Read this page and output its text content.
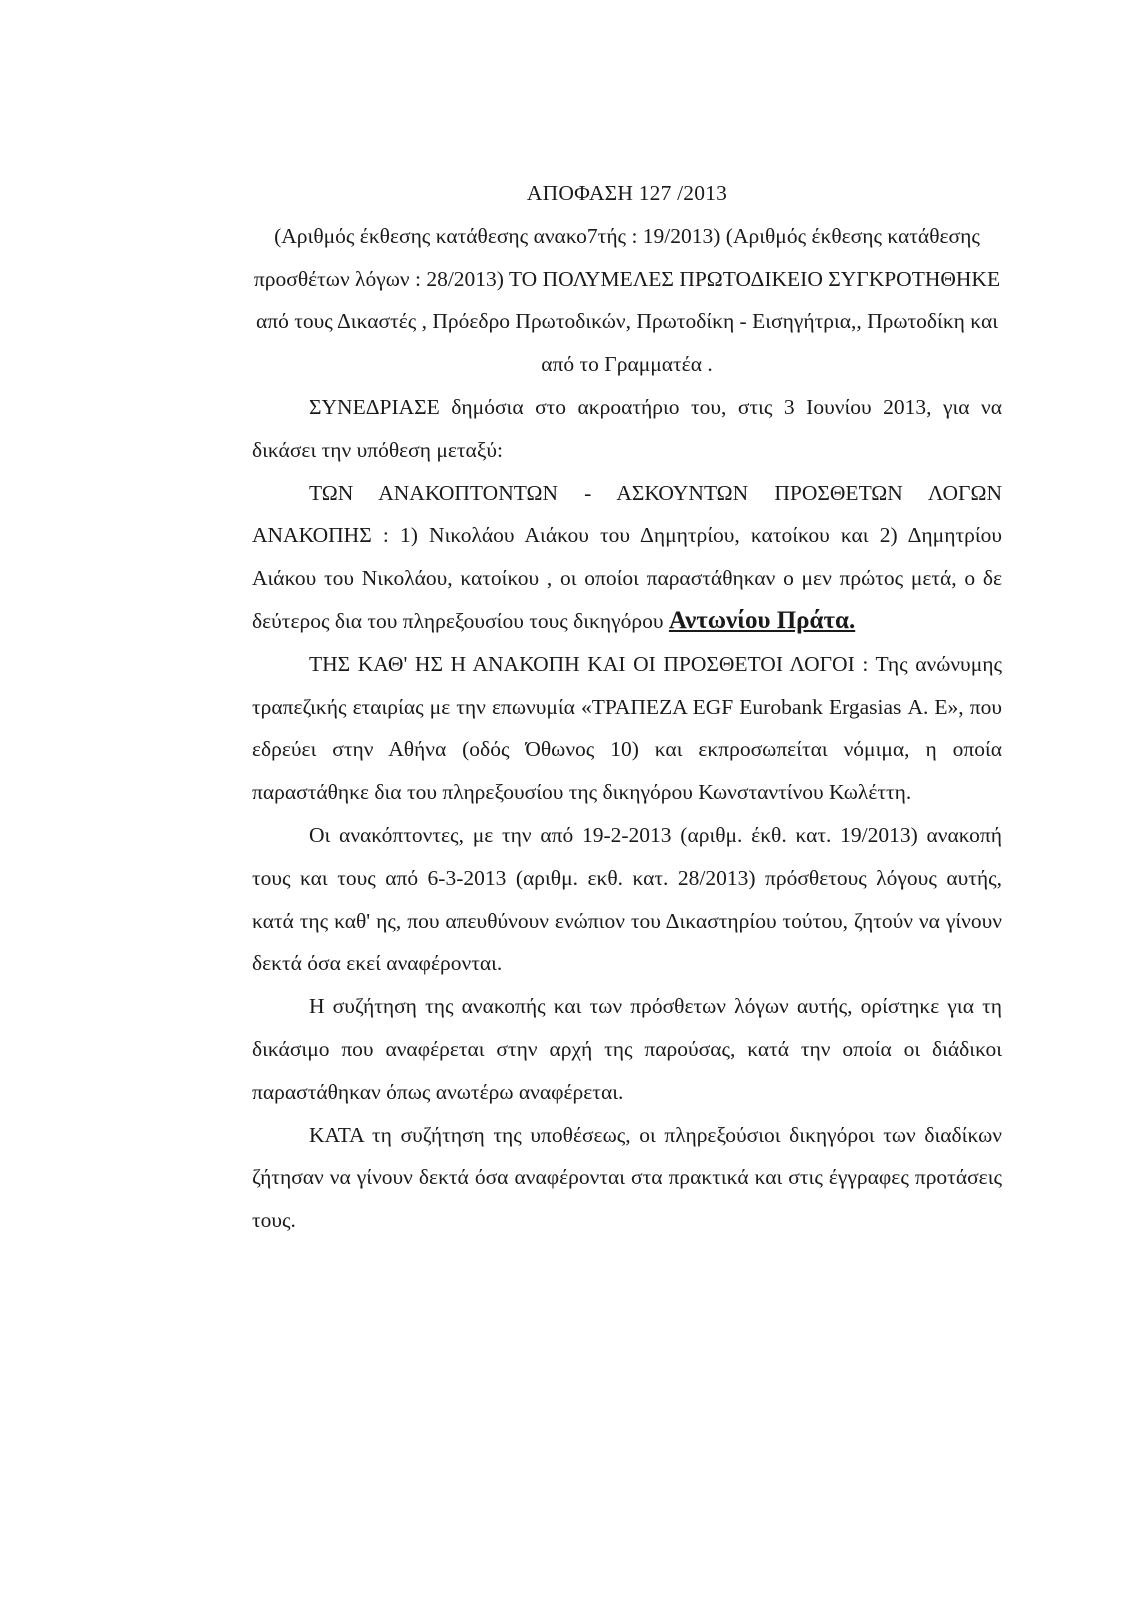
ΑΠΟΦΑΣΗ 127 /2013

(Αριθμός έκθεσης κατάθεσης ανακο7τής : 19/2013) (Αριθμός έκθεσης κατάθεσης προσθέτων λόγων : 28/2013) ΤΟ ΠΟΛΥΜΕΛΕΣ ΠΡΩΤΟΔΙΚΕΙΟ ΣΥΓΚΡΟΤΗΘΗΚΕ από τους Δικαστές , Πρόεδρο Πρωτοδικών, Πρωτοδίκη - Εισηγήτρια,, Πρωτοδίκη και από το Γραμματέα .

ΣΥΝΕΔΡΙΑΣΕ δημόσια στο ακροατήριο του, στις 3 Ιουνίου 2013, για να δικάσει την υπόθεση μεταξύ:

ΤΩΝ ΑΝΑΚΟΠΤΟΝΤΩΝ - ΑΣΚΟΥΝΤΩΝ ΠΡΟΣΘΕΤΩΝ ΛΟΓΩΝ ΑΝΑΚΟΠΗΣ : 1) Νικολάου Αιάκου του Δημητρίου, κατοίκου και 2) Δημητρίου Αιάκου του Νικολάου, κατοίκου , οι οποίοι παραστάθηκαν ο μεν πρώτος μετά, ο δε δεύτερος δια του πληρεξουσίου τους δικηγόρου Αντωνίου Πράτα.

ΤΗΣ ΚΑΘ' ΗΣ Η ΑΝΑΚΟΠΗ ΚΑΙ ΟΙ ΠΡΟΣΘΕΤΟΙ ΛΟΓΟΙ : Της ανώνυμης τραπεζικής εταιρίας με την επωνυμία «ΤΡΑΠΕΖΑ EGF Eurobank Ergasias Α. Ε», που εδρεύει στην Αθήνα (οδός Όθωνος 10) και εκπροσωπείται νόμιμα, η οποία παραστάθηκε δια του πληρεξουσίου της δικηγόρου Κωνσταντίνου Κωλέττη.

Οι ανακόπτοντες, με την από 19-2-2013 (αριθμ. έκθ. κατ. 19/2013) ανακοπή τους και τους από 6-3-2013 (αριθμ. εκθ. κατ. 28/2013) πρόσθετους λόγους αυτής, κατά της καθ' ης, που απευθύνουν ενώπιον του Δικαστηρίου τούτου, ζητούν να γίνουν δεκτά όσα εκεί αναφέρονται.

Η συζήτηση της ανακοπής και των πρόσθετων λόγων αυτής, ορίστηκε για τη δικάσιμο που αναφέρεται στην αρχή της παρούσας, κατά την οποία οι διάδικοι παραστάθηκαν όπως ανωτέρω αναφέρεται.

ΚΑΤΑ τη συζήτηση της υποθέσεως, οι πληρεξούσιοι δικηγόροι των διαδίκων ζήτησαν να γίνουν δεκτά όσα αναφέρονται στα πρακτικά και στις έγγραφες προτάσεις τους.
